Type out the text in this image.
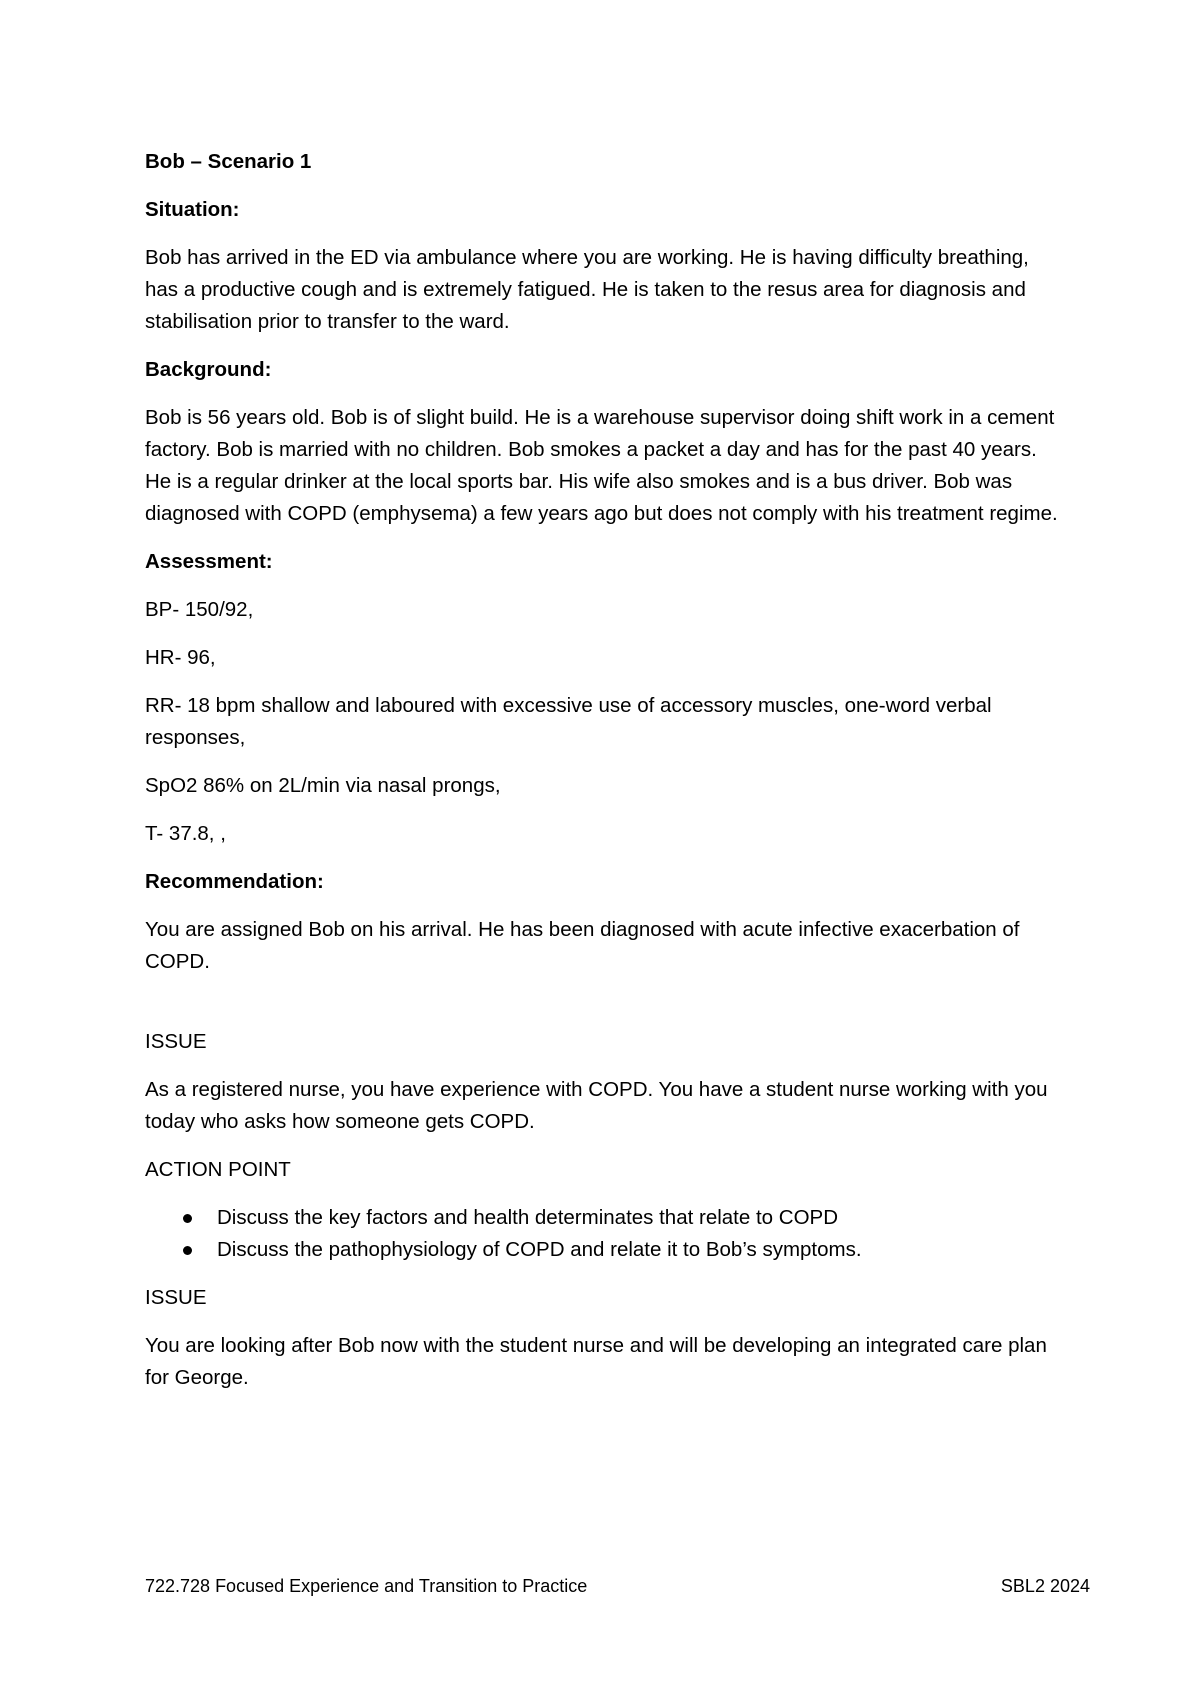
Bob – Scenario 1

Situation:

Bob has arrived in the ED via ambulance where you are working. He is having difficulty breathing, has a productive cough and is extremely fatigued. He is taken to the resus area for diagnosis and stabilisation prior to transfer to the ward.

Background:

Bob is 56 years old. Bob is of slight build. He is a warehouse supervisor doing shift work in a cement factory. Bob is married with no children. Bob smokes a packet a day and has for the past 40 years. He is a regular drinker at the local sports bar. His wife also smokes and is a bus driver. Bob was diagnosed with COPD (emphysema) a few years ago but does not comply with his treatment regime.

Assessment:

BP- 150/92,

HR- 96,

RR- 18 bpm shallow and laboured with excessive use of accessory muscles, one-word verbal responses,

SpO2 86% on 2L/min via nasal prongs,

T- 37.8, ,

Recommendation:

You are assigned Bob on his arrival. He has been diagnosed with acute infective exacerbation of COPD.

ISSUE

As a registered nurse, you have experience with COPD. You have a student nurse working with you today who asks how someone gets COPD.

ACTION POINT

Discuss the key factors and health determinates that relate to COPD
Discuss the pathophysiology of COPD and relate it to Bob’s symptoms.

ISSUE

You are looking after Bob now with the student nurse and will be developing an integrated care plan for George.

722.728 Focused Experience and Transition to Practice	SBL2 2024
